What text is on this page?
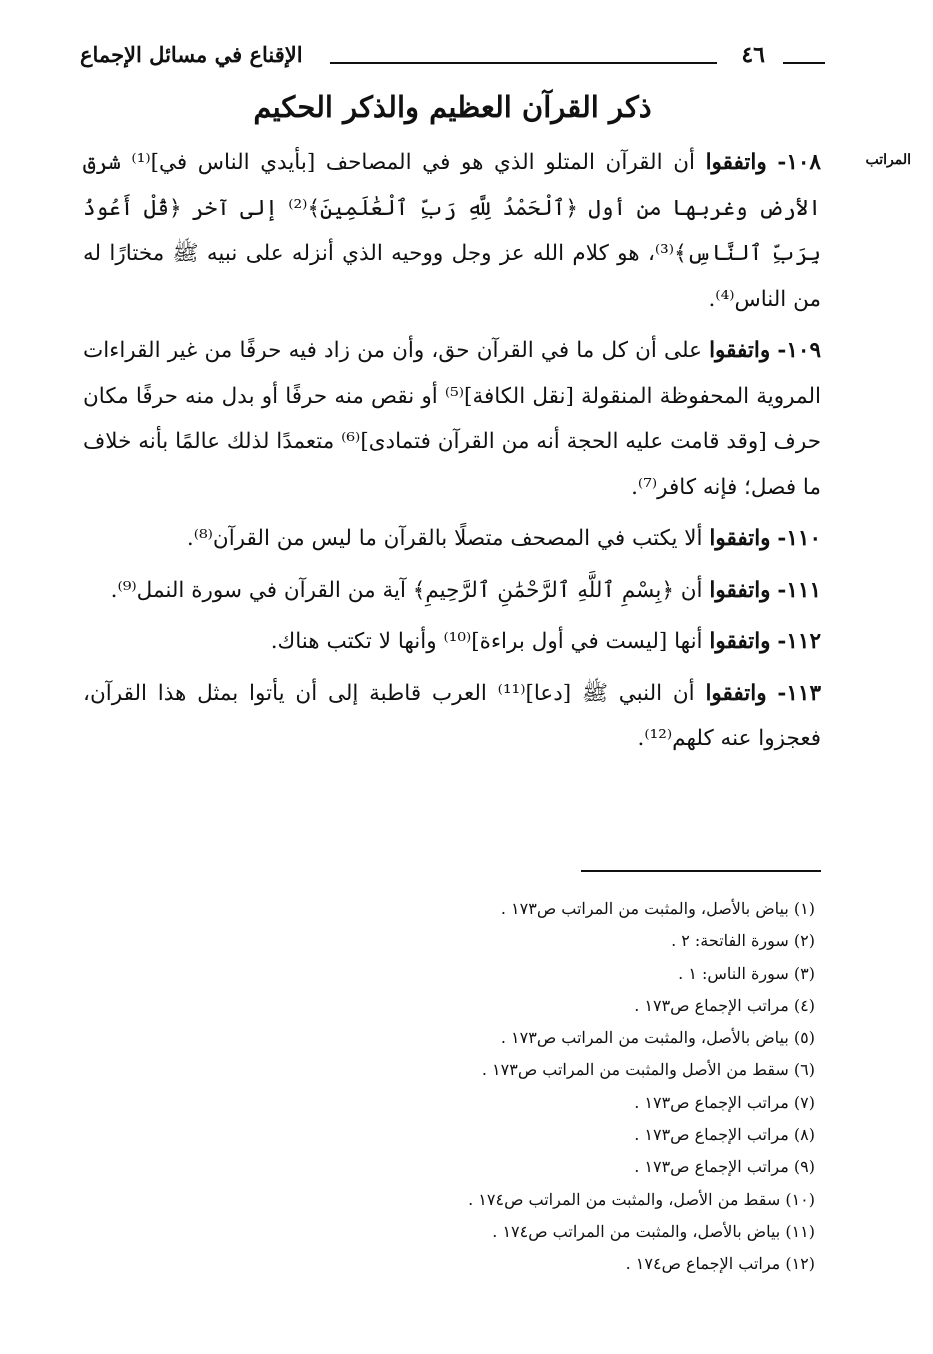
٤٦
الإقناع في مسائل الإجماع
ذكر القرآن العظيم والذكر الحكيم
المراتب

١٠٨- واتفقوا أن القرآن المتلو الذي هو في المصاحف [بأيدي الناس في]⁽¹⁾ شرق الأرض وغربها من أول ﴿ٱلْحَمْدُ لِلَّهِ رَبِّ ٱلْعَٰلَمِينَ﴾⁽²⁾ إلى آخر ﴿قُلْ أَعُوذُ بِرَبِّ ٱلنَّاسِ﴾⁽³⁾، هو كلام الله عز وجل ووحيه الذي أنزله على نبيه ﷺ مختارًا له من الناس⁽⁴⁾.

١٠٩- واتفقوا على أن كل ما في القرآن حق، وأن من زاد فيه حرفًا من غير القراءات المروية المحفوظة المنقولة [نقل الكافة]⁽⁵⁾ أو نقص منه حرفًا أو بدل منه حرفًا مكان حرف [وقد قامت عليه الحجة أنه من القرآن فتمادى]⁽⁶⁾ متعمدًا لذلك عالمًا بأنه خلاف ما فصل؛ فإنه كافر⁽⁷⁾.

١١٠- واتفقوا ألا يكتب في المصحف متصلًا بالقرآن ما ليس من القرآن⁽⁸⁾.

١١١- واتفقوا أن ﴿بِسْمِ ٱللَّهِ ٱلرَّحْمَٰنِ ٱلرَّحِيمِ﴾ آية من القرآن في سورة النمل⁽⁹⁾.

١١٢- واتفقوا أنها [ليست في أول براءة]⁽¹⁰⁾ وأنها لا تكتب هناك.

١١٣- واتفقوا أن النبي ﷺ [دعا]⁽¹¹⁾ العرب قاطبة إلى أن يأتوا بمثل هذا القرآن، فعجزوا عنه كلهم⁽¹²⁾.

(١) بياض بالأصل، والمثبت من المراتب ص١٧٣ .
(٢) سورة الفاتحة: ٢ .
(٣) سورة الناس: ١ .
(٤) مراتب الإجماع ص١٧٣ .
(٥) بياض بالأصل، والمثبت من المراتب ص١٧٣ .
(٦) سقط من الأصل والمثبت من المراتب ص١٧٣ .
(٧) مراتب الإجماع ص١٧٣ .
(٨) مراتب الإجماع ص١٧٣ .
(٩) مراتب الإجماع ص١٧٣ .
(١٠) سقط من الأصل، والمثبت من المراتب ص١٧٤ .
(١١) بياض بالأصل، والمثبت من المراتب ص١٧٤ .
(١٢) مراتب الإجماع ص١٧٤ .
